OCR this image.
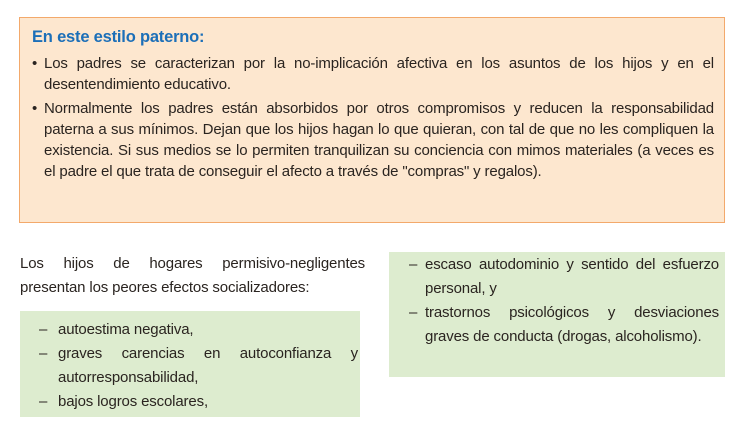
En este estilo paterno:
• Los padres se caracterizan por la no-implicación afectiva en los asuntos de los hijos y en el desentendimiento educativo.
• Normalmente los padres están absorbidos por otros compromisos y reducen la responsabilidad paterna a sus mínimos. Dejan que los hijos hagan lo que quieran, con tal de que no les compliquen la existencia. Si sus medios se lo permiten tranquilizan su conciencia con mimos materiales (a veces es el padre el que trata de conseguir el afecto a través de "compras" y regalos).

Los hijos de hogares permisivo-negligentes presentan los peores efectos socializadores:

– autoestima negativa,
– graves carencias en autoconfianza y autorresponsabilidad,
– bajos logros escolares,
– escaso autodominio y sentido del esfuerzo personal, y
– trastornos psicológicos y desviaciones graves de conducta (drogas, alcoholismo).
